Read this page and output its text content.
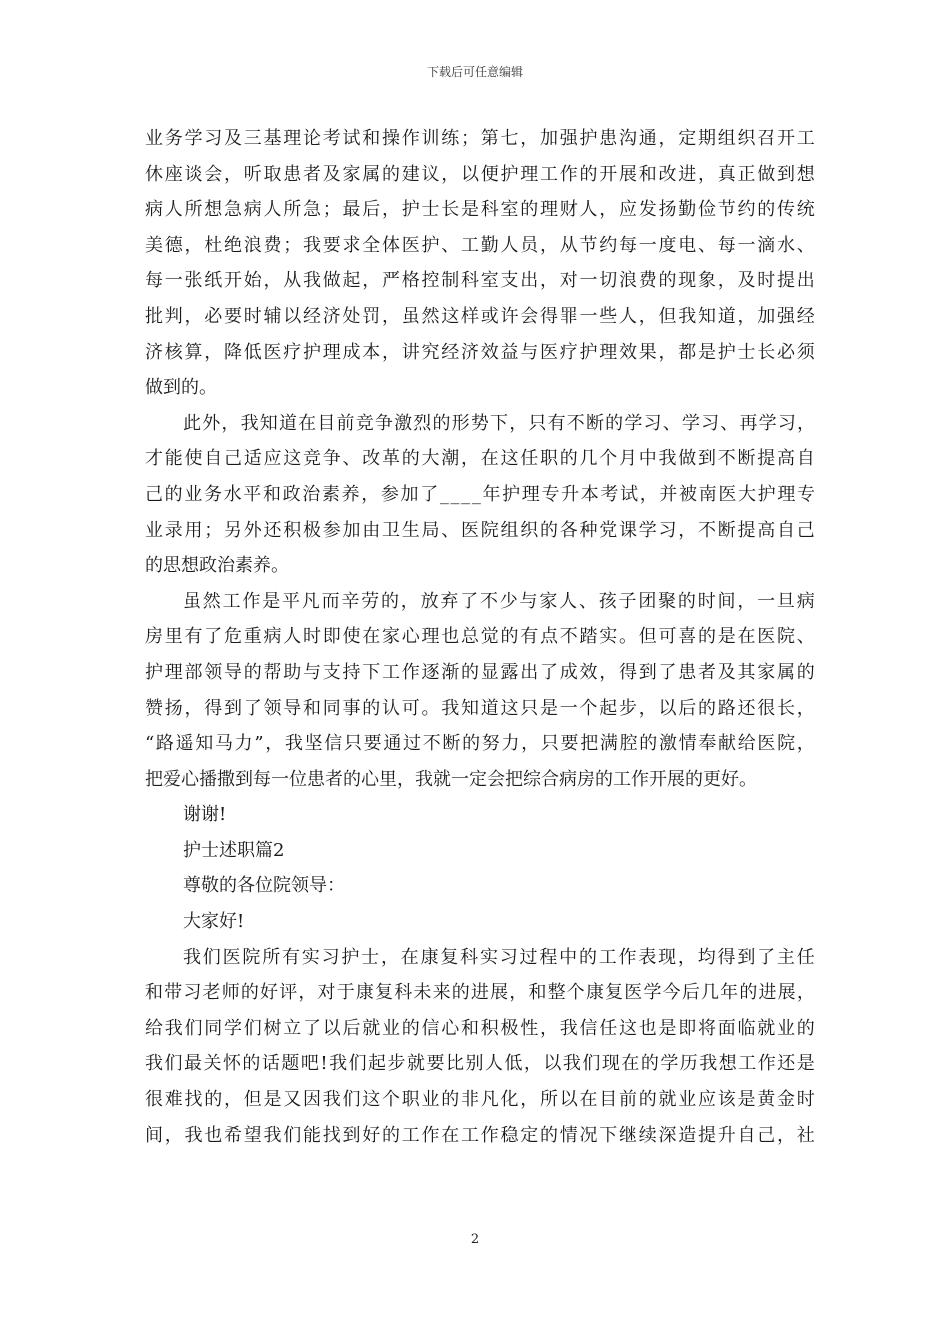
下载后可任意编辑
业 务 学 习 及 三 基 理 论 考 试 和 操 作 训 练 ； 第 七 ， 加 强 护 患 沟 通 ， 定 期 组 织 召 开 工
休 座 谈 会 ， 听 取 患 者 及 家 属 的 建 议 ， 以 便 护 理 工 作 的 开 展 和 改 进 ， 真 正 做 到 想
病 人 所 想 急 病 人 所 急 ； 最 后 ， 护 士 长 是 科 室 的 理 财 人 ， 应 发 扬 勤 俭 节 约 的 传 统
美 德 ， 杜 绝 浪 费 ； 我 要 求 全 体 医 护 、 工 勤 人 员 ， 从 节 约 每 一 度 电 、 每 一 滴 水 、
每 一 张 纸 开 始 ， 从 我 做 起 ， 严 格 控 制 科 室 支 出 ， 对 一 切 浪 费 的 现 象 ， 及 时 提 出
批 判 ， 必 要 时 辅 以 经 济 处 罚 ， 虽 然 这 样 或 许 会 得 罪 一 些 人 ， 但 我 知 道 ， 加 强 经
济 核 算 ， 降 低 医 疗 护 理 成 本 ， 讲 究 经 济 效 益 与 医 疗 护 理 效 果 ， 都 是 护 士 长 必 须
做到的。
此 外 ， 我 知 道 在 目 前 竞 争 激 烈 的 形 势 下 ， 只 有 不 断 的 学 习 、 学 习 、 再 学 习 ，
才 能 使 自 己 适 应 这 竞 争 、 改 革 的 大 潮 ， 在 这 任 职 的 几 个 月 中 我 做 到 不 断 提 高 自
己 的 业 务 水 平 和 政 治 素 养 ， 参 加 了 _ _ _ _ 年 护 理 专 升 本 考 试 ， 并 被 南 医 大 护 理 专
业 录 用 ； 另 外 还 积 极 参 加 由 卫 生 局 、 医 院 组 织 的 各 种 党 课 学 习 ， 不 断 提 高 自 己
的思想政治素养。
虽 然 工 作 是 平 凡 而 辛 劳 的 ， 放 弃 了 不 少 与 家 人 、 孩 子 团 聚 的 时 间 ， 一 旦 病
房 里 有 了 危 重 病 人 时 即 使 在 家 心 理 也 总 觉 的 有 点 不 踏 实 。 但 可 喜 的 是 在 医 院 、
护 理 部 领 导 的 帮 助 与 支 持 下 工 作 逐 渐 的 显 露 出 了 成 效 ， 得 到 了 患 者 及 其 家 属 的
赞 扬 ， 得 到 了 领 导 和 同 事 的 认 可 。 我 知 道 这 只 是 一 个 起 步 ， 以 后 的 路 还 很 长 ，
“ 路 遥 知 马 力 ” ， 我 坚 信 只 要 通 过 不 断 的 努 力 ， 只 要 把 满 腔 的 激 情 奉 献 给 医 院 ，
把爱心播撒到每一位患者的心里，我就一定会把综合病房的工作开展的更好。
谢谢!
护士述职篇2
尊敬的各位院领导：
大家好!
我 们 医 院 所 有 实 习 护 士 ， 在 康 复 科 实 习 过 程 中 的 工 作 表 现 ， 均 得 到 了 主 任
和 带 习 老 师 的 好 评 ， 对 于 康 复 科 未 来 的 进 展 ， 和 整 个 康 复 医 学 今 后 几 年 的 进 展 ，
给 我 们 同 学 们 树 立 了 以 后 就 业 的 信 心 和 积 极 性 ， 我 信 任 这 也 是 即 将 面 临 就 业 的
我 们 最 关 怀 的 话 题 吧 ! 我 们 起 步 就 要 比 别 人 低 ， 以 我 们 现 在 的 学 历 我 想 工 作 还 是
很 难 找 的 ， 但 是 又 因 我 们 这 个 职 业 的 非 凡 化 ， 所 以 在 目 前 的 就 业 应 该 是 黄 金 时
间 ， 我 也 希 望 我 们 能 找 到 好 的 工 作 在 工 作 稳 定 的 情 况 下 继 续 深 造 提 升 自 己 ， 社
2
